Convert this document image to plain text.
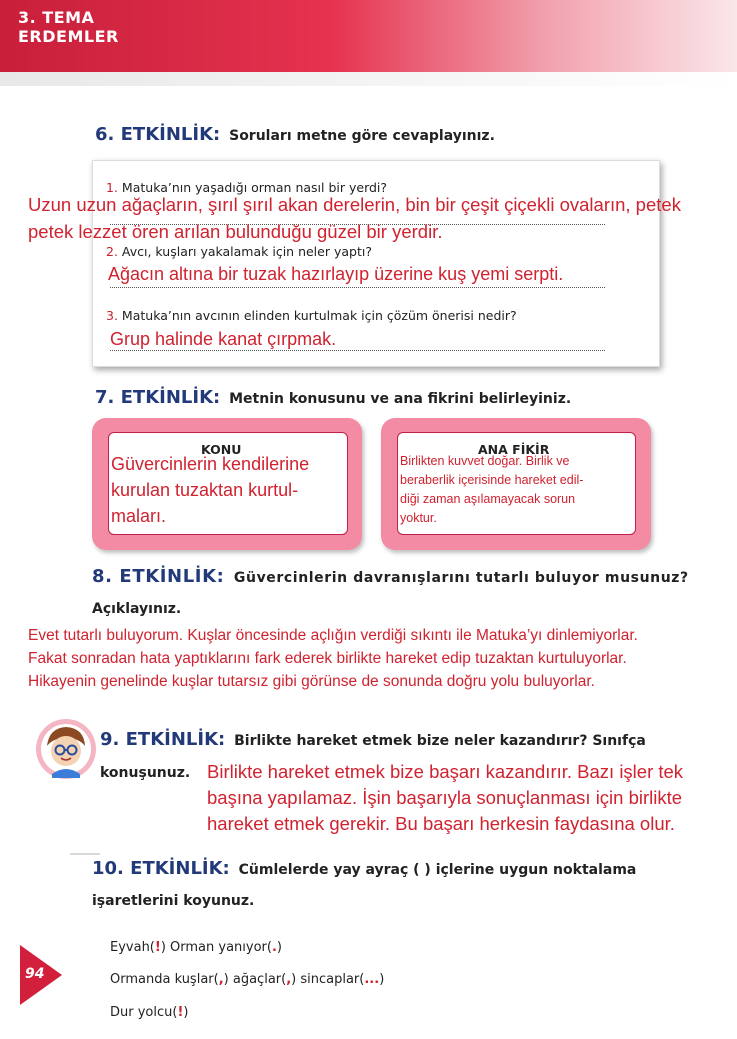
3. TEMA
ERDEMLER
6. ETKİNLİK: Soruları metne göre cevaplayınız.
1. Matuka’nın yaşadığı orman nasıl bir yerdi?
Uzun uzun ağaçların, şırıl şırıl akan derelerin, bin bir çeşit çiçekli ovaların, petek
petek lezzet ören arılan bulunduğu güzel bir yerdir.
2. Avcı, kuşları yakalamak için neler yaptı?
Ağacın altına bir tuzak hazırlayıp üzerine kuş yemi serpti.
3. Matuka’nın avcının elinden kurtulmak için çözüm önerisi nedir?
Grup halinde kanat çırpmak.
7. ETKİNLİK: Metnin konusunu ve ana fikrini belirleyiniz.
KONU
Güvercinlerin kendilerine
kurulan tuzaktan kurtul-
maları.
ANA FİKİR
Birlikten kuvvet doğar. Birlik ve
beraberlik içerisinde hareket edil-
diği zaman aşılamayacak sorun
yoktur.
8. ETKİNLİK: Güvercinlerin davranışlarını tutarlı buluyor musunuz?
Açıklayınız.
Evet tutarlı buluyorum. Kuşlar öncesinde açlığın verdiği sıkıntı ile Matuka’yı dinlemiyorlar.
Fakat sonradan hata yaptıklarını fark ederek birlikte hareket edip tuzaktan kurtuluyorlar.
Hikayenin genelinde kuşlar tutarsız gibi görünse de sonunda doğru yolu buluyorlar.
9. ETKİNLİK: Birlikte hareket etmek bize neler kazandırır? Sınıfça
konuşunuz. Birlikte hareket etmek bize başarı kazandırır. Bazı işler tek
başına yapılamaz. İşin başarıyla sonuçlanması için birlikte
hareket etmek gerekir. Bu başarı herkesin faydasına olur.
10. ETKİNLİK: Cümlelerde yay ayraç ( ) içlerine uygun noktalama
işaretlerini koyunuz.
Eyvah(!) Orman yanıyor(.)
Ormanda kuşlar(,) ağaçlar(,) sincaplar(...)
Dur yolcu(!)
94
